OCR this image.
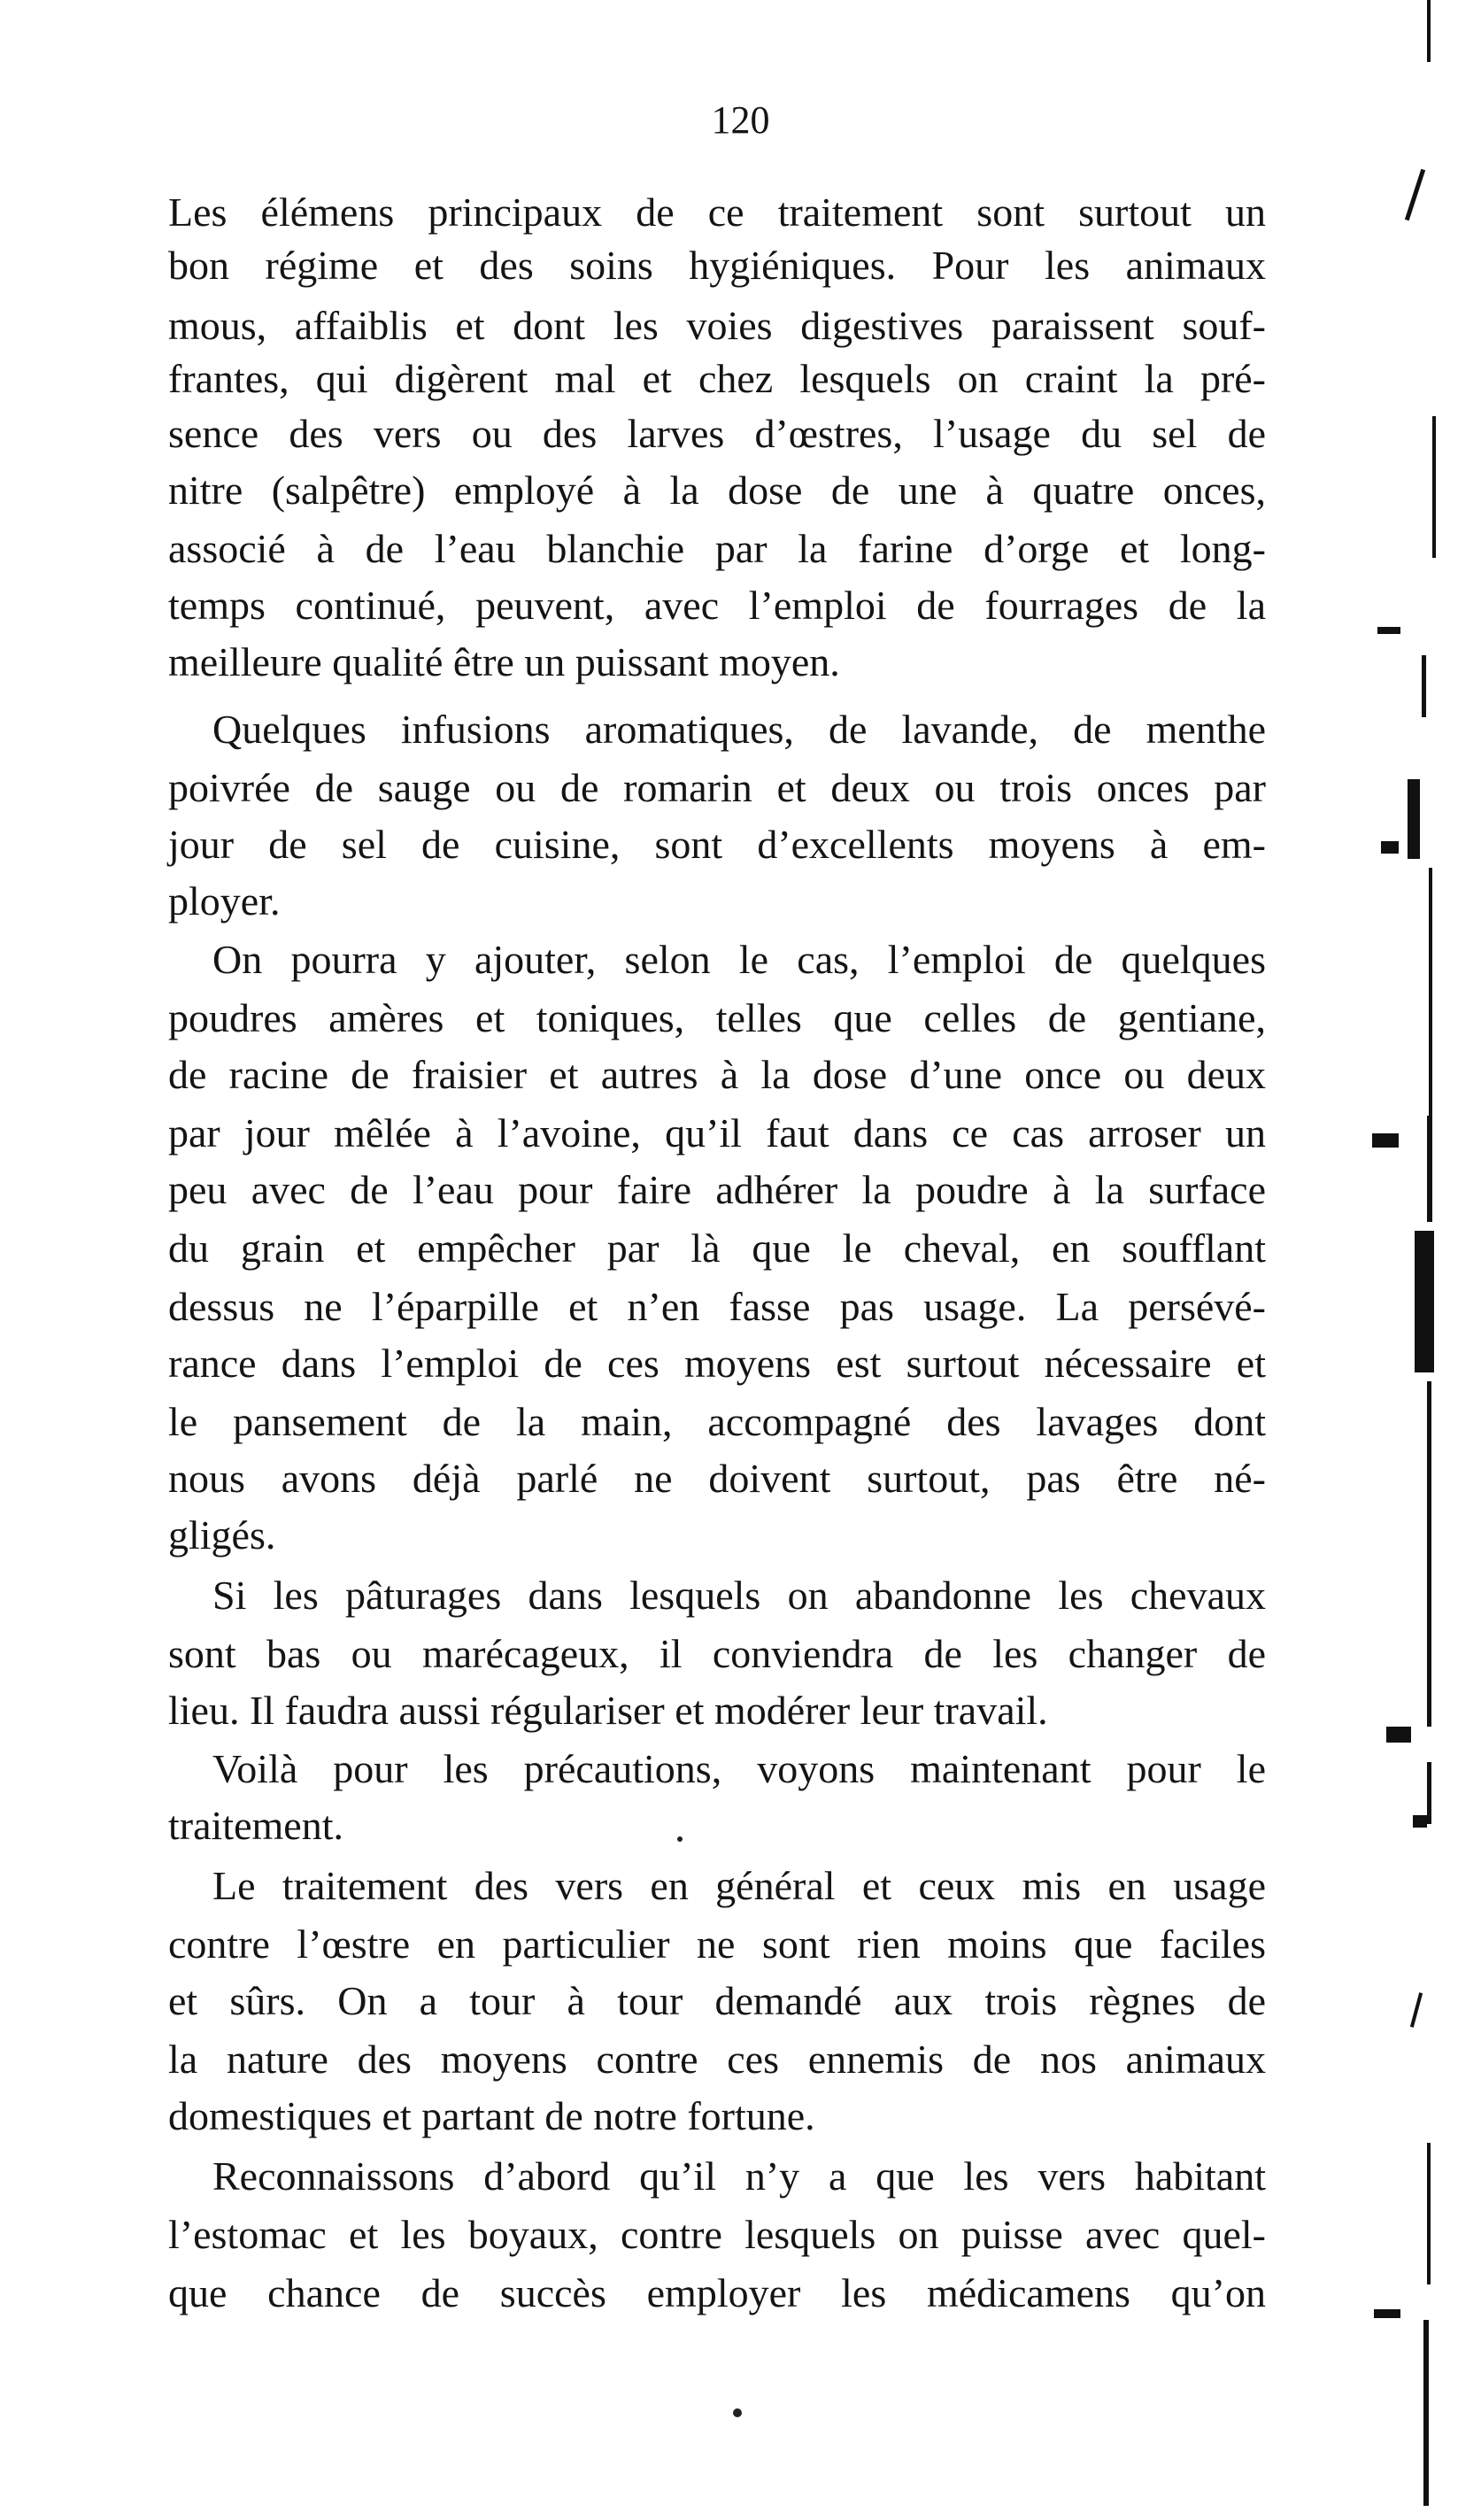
120
Les élémens principaux de ce traitement sont surtout un
bon régime et des soins hygiéniques. Pour les animaux
mous, affaiblis et dont les voies digestives paraissent souf-
frantes, qui digèrent mal et chez lesquels on craint la pré-
sence des vers ou des larves d’œstres, l’usage du sel de
nitre (salpêtre) employé à la dose de une à quatre onces,
associé à de l’eau blanchie par la farine d’orge et long-
temps continué, peuvent, avec l’emploi de fourrages de la
meilleure qualité être un puissant moyen.
Quelques infusions aromatiques, de lavande, de menthe
poivrée de sauge ou de romarin et deux ou trois onces par
jour de sel de cuisine, sont d’excellents moyens à em-
ployer.
On pourra y ajouter, selon le cas, l’emploi de quelques
poudres amères et toniques, telles que celles de gentiane,
de racine de fraisier et autres à la dose d’une once ou deux
par jour mêlée à l’avoine, qu’il faut dans ce cas arroser un
peu avec de l’eau pour faire adhérer la poudre à la surface
du grain et empêcher par là que le cheval, en soufflant
dessus ne l’éparpille et n’en fasse pas usage. La persévé-
rance dans l’emploi de ces moyens est surtout nécessaire et
le pansement de la main, accompagné des lavages dont
nous avons déjà parlé ne doivent surtout, pas être né-
gligés.
Si les pâturages dans lesquels on abandonne les chevaux
sont bas ou marécageux, il conviendra de les changer de
lieu. Il faudra aussi régulariser et modérer leur travail.
Voilà pour les précautions, voyons maintenant pour le
traitement.
Le traitement des vers en général et ceux mis en usage
contre l’œstre en particulier ne sont rien moins que faciles
et sûrs. On a tour à tour demandé aux trois règnes de
la nature des moyens contre ces ennemis de nos animaux
domestiques et partant de notre fortune.
Reconnaissons d’abord qu’il n’y a que les vers habitant
l’estomac et les boyaux, contre lesquels on puisse avec quel-
que chance de succès employer les médicamens qu’on
